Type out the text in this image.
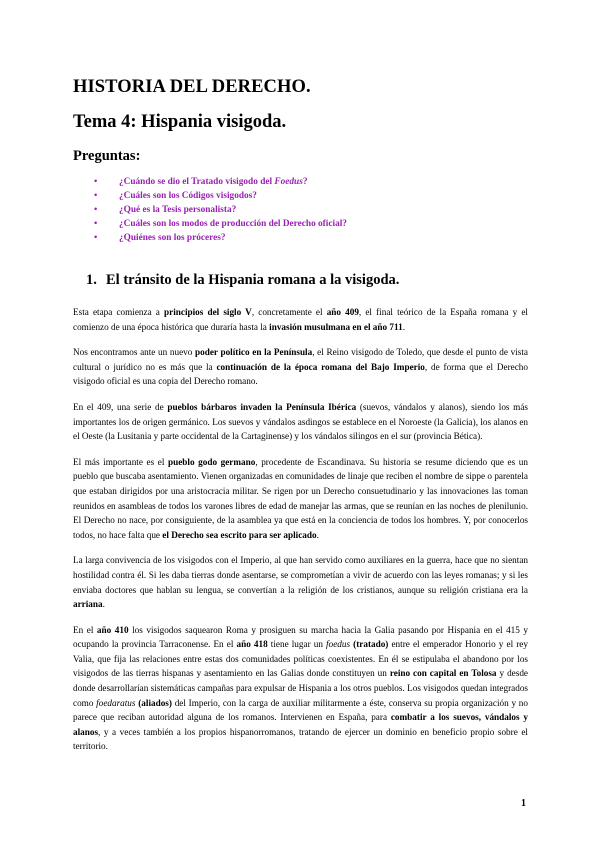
HISTORIA DEL DERECHO.
Tema 4: Hispania visigoda.
Preguntas:
• ¿Cuándo se dio el Tratado visigodo del Foedus?
• ¿Cuáles son los Códigos visigodos?
• ¿Qué es la Tesis personalista?
• ¿Cuáles son los modos de producción del Derecho oficial?
• ¿Quiénes son los próceres?
1. El tránsito de la Hispania romana a la visigoda.

Esta etapa comienza a principios del siglo V, concretamente el año 409, el final teórico de la España romana y el comienzo de una época histórica que duraría hasta la invasión musulmana en el año 711.

Nos encontramos ante un nuevo poder político en la Península, el Reino visigodo de Toledo, que desde el punto de vista cultural o jurídico no es más que la continuación de la época romana del Bajo Imperio, de forma que el Derecho visigodo oficial es una copia del Derecho romano.

En el 409, una serie de pueblos bárbaros invaden la Península Ibérica (suevos, vándalos y alanos), siendo los más importantes los de origen germánico. Los suevos y vándalos asdingos se establece en el Noroeste (la Galicia), los alanos en el Oeste (la Lusitania y parte occidental de la Cartaginense) y los vándalos silingos en el sur (provincia Bética).

El más importante es el pueblo godo germano, procedente de Escandinava. Su historia se resume diciendo que es un pueblo que buscaba asentamiento. Vienen organizadas en comunidades de linaje que reciben el nombre de sippe o parentela que estaban dirigidos por una aristocracia militar. Se rigen por un Derecho consuetudinario y las innovaciones las toman reunidos en asambleas de todos los varones libres de edad de manejar las armas, que se reunían en las noches de plenilunio. El Derecho no nace, por consiguiente, de la asamblea ya que está en la conciencia de todos los hombres. Y, por conocerlos todos, no hace falta que el Derecho sea escrito para ser aplicado.

La larga convivencia de los visigodos con el Imperio, al que han servido como auxiliares en la guerra, hace que no sientan hostilidad contra él. Si les daba tierras donde asentarse, se comprometían a vivir de acuerdo con las leyes romanas; y si les enviaba doctores que hablan su lengua, se convertían a la religión de los cristianos, aunque su religión cristiana era la arriana.

En el año 410 los visigodos saquearon Roma y prosiguen su marcha hacia la Galia pasando por Hispania en el 415 y ocupando la provincia Tarraconense. En el año 418 tiene lugar un foedus (tratado) entre el emperador Honorio y el rey Valia, que fija las relaciones entre estas dos comunidades políticas coexistentes. En él se estipulaba el abandono por los visigodos de las tierras hispanas y asentamiento en las Galias donde constituyen un reino con capital en Tolosa y desde donde desarrollarían sistemáticas campañas para expulsar de Hispania a los otros pueblos. Los visigodos quedan integrados como foedaratus (aliados) del Imperio, con la carga de auxiliar militarmente a éste, conserva su propia organización y no parece que reciban autoridad alguna de los romanos. Intervienen en España, para combatir a los suevos, vándalos y alanos, y a veces también a los propios hispanorromanos, tratando de ejercer un dominio en beneficio propio sobre el territorio.

1
